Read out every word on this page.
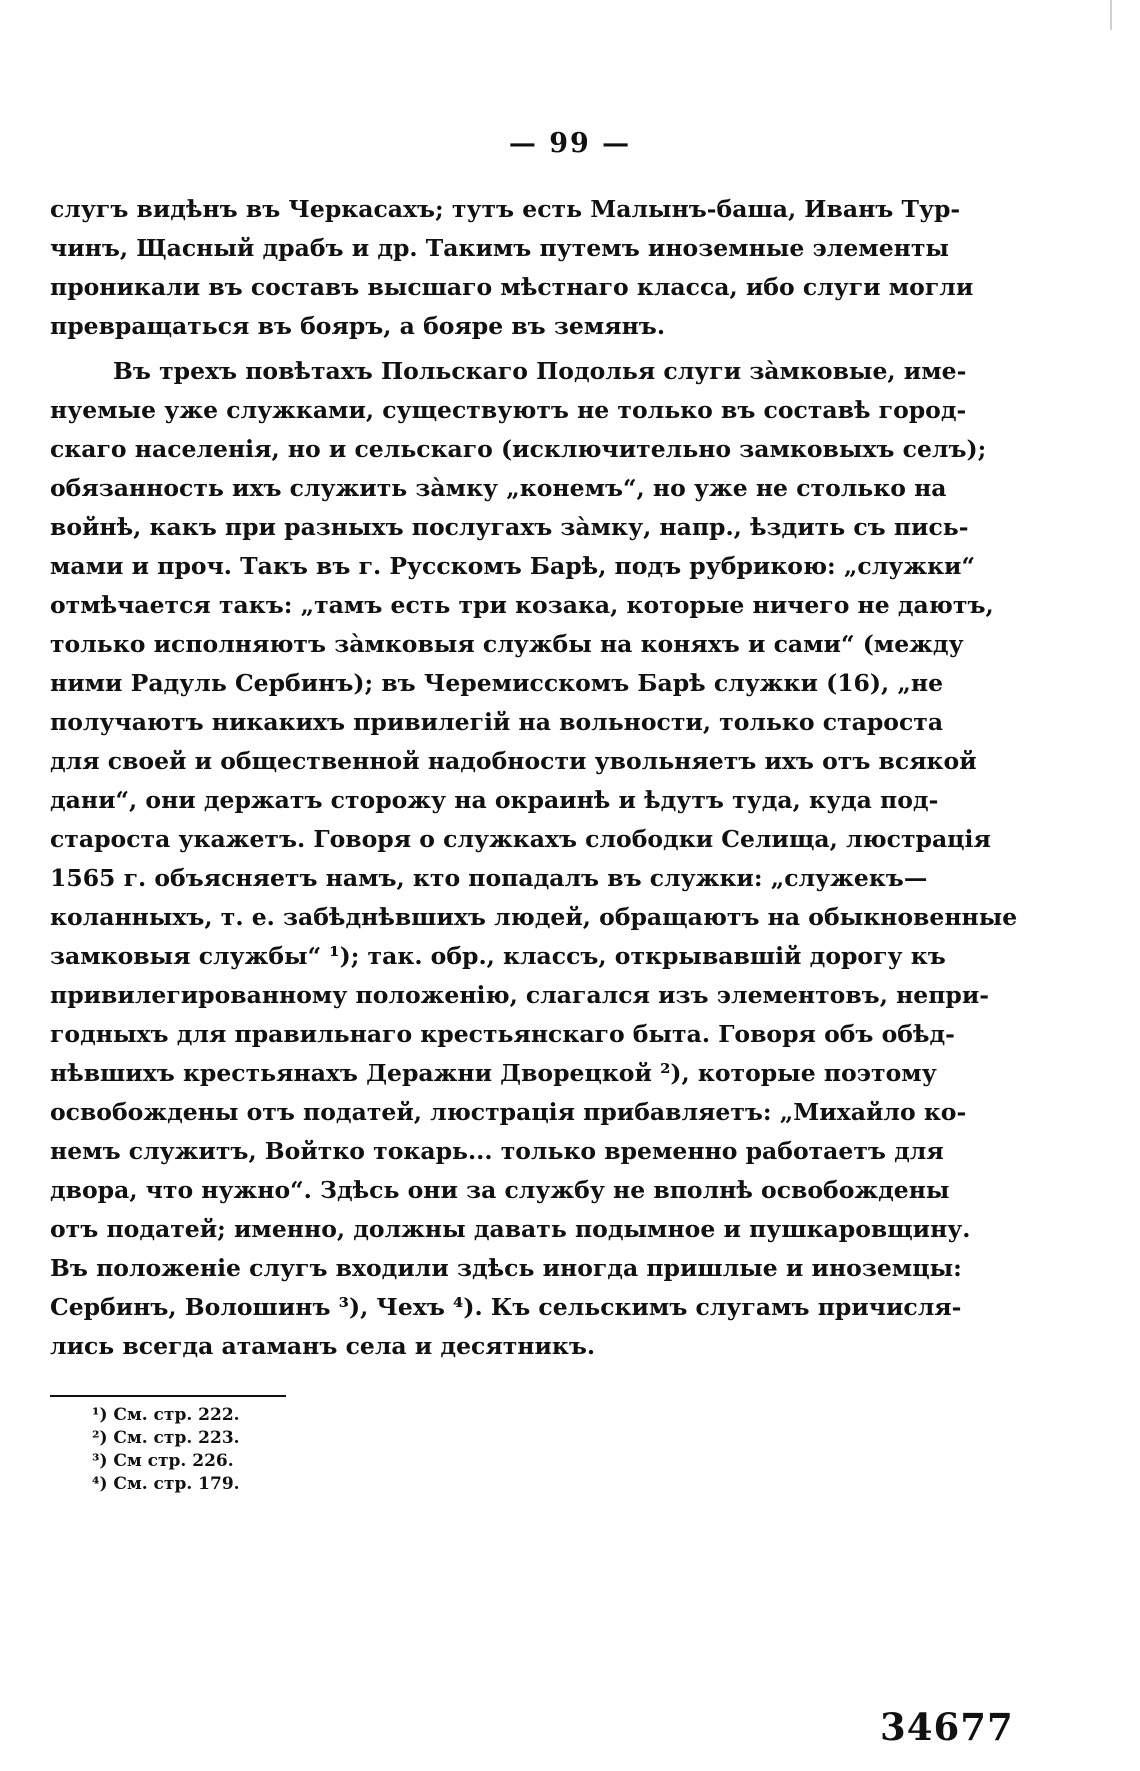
— 99 —
слугъ видѣнъ въ Черкасахъ; тутъ есть Малынъ-баша, Иванъ Тур-
чинъ, Щасный драбъ и др. Такимъ путемъ иноземные элементы
проникали въ составъ высшаго мѣстнаго класса, ибо слуги могли
превращаться въ бояръ, а бояре въ земянъ.
Въ трехъ повѣтахъ Польскаго Подолья слуги за̀мковые, име-
нуемые уже служками, существуютъ не только въ составѣ город-
скаго населенія, но и сельскаго (исключительно замковыхъ селъ);
обязанность ихъ служить за̀мку „конемъ“, но уже не столько на
войнѣ, какъ при разныхъ послугахъ за̀мку, напр., ѣздить съ пись-
мами и проч. Такъ въ г. Русскомъ Барѣ, подъ рубрикою: „служки“
отмѣчается такъ: „тамъ есть три козака, которые ничего не даютъ,
только исполняютъ за̀мковыя службы на коняхъ и сами“ (между
ними Радуль Сербинъ); въ Черемисскомъ Барѣ служки (16), „не
получаютъ никакихъ привилегій на вольности, только староста
для своей и общественной надобности увольняетъ ихъ отъ всякой
дани“, они держатъ сторожу на окраинѣ и ѣдутъ туда, куда под-
староста укажетъ. Говоря о служкахъ слободки Селища, люстрація
1565 г. объясняетъ намъ, кто попадалъ въ служки: „служекъ—
коланныхъ, т. е. забѣднѣвшихъ людей, обращаютъ на обыкновенные
замковыя службы“ ¹); так. обр., классъ, открывавшій дорогу къ
привилегированному положенію, слагался изъ элементовъ, непри-
годныхъ для правильнаго крестьянскаго быта. Говоря объ обѣд-
нѣвшихъ крестьянахъ Деражни Дворецкой ²), которые поэтому
освобождены отъ податей, люстрація прибавляетъ: „Михайло ко-
немъ служитъ, Войтко токарь... только временно работаетъ для
двора, что нужно“. Здѣсь они за службу не вполнѣ освобождены
отъ податей; именно, должны давать подымное и пушкаровщину.
Въ положеніе слугъ входили здѣсь иногда пришлые и иноземцы:
Сербинъ, Волошинъ ³), Чехъ ⁴). Къ сельскимъ слугамъ причисля-
лись всегда атаманъ села и десятникъ.
¹) См. стр. 222.
²) См. стр. 223.
³) См стр. 226.
⁴) См. стр. 179.
34677
